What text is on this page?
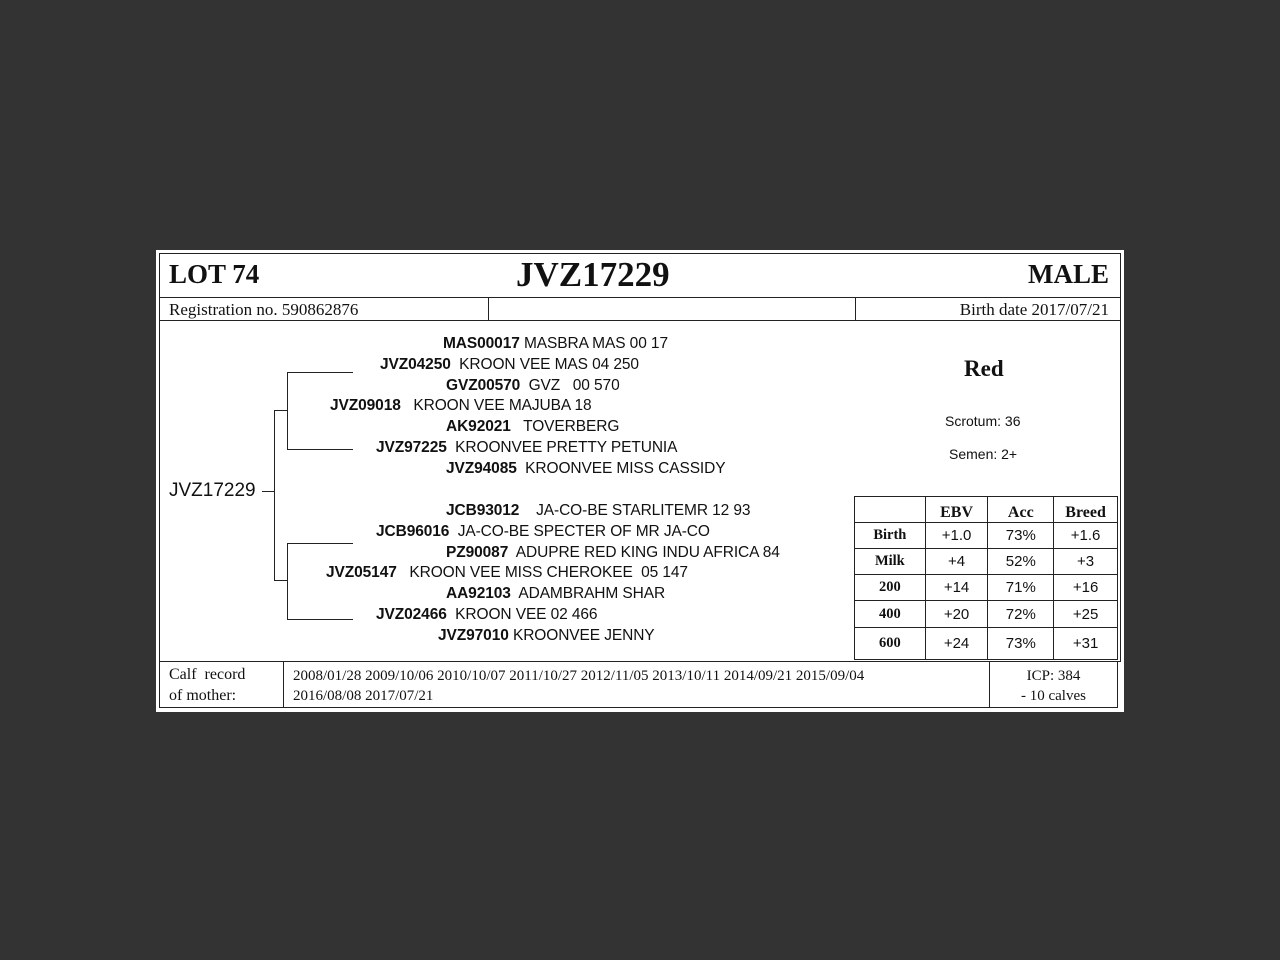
LOT 74	JVZ17229	MALE
Registration no. 590862876	Birth date 2017/07/21
JVZ17229
MAS00017 MASBRA MAS 00 17
JVZ04250 KROON VEE MAS 04 250
GVZ00570 GVZ   00 570
JVZ09018 KROON VEE MAJUBA 18
AK92021 TOVERBERG
JVZ97225 KROONVEE PRETTY PETUNIA
JVZ94085 KROONVEE MISS CASSIDY
JCB93012 JA-CO-BE STARLITEMR 12 93
JCB96016 JA-CO-BE SPECTER OF MR JA-CO
PZ90087 ADUPRE RED KING INDU AFRICA 84
JVZ05147 KROON VEE MISS CHEROKEE  05 147
AA92103 ADAMBRAHM SHAR
JVZ02466 KROON VEE 02 466
JVZ97010 KROONVEE JENNY
Red
Scrotum: 36
Semen: 2+
	EBV	Acc	Breed
Birth	+1.0	73%	+1.6
Milk	+4	52%	+3
200	+14	71%	+16
400	+20	72%	+25
600	+24	73%	+31
Calf  record
of mother:
2008/01/28 2009/10/06 2010/10/07 2011/10/27 2012/11/05 2013/10/11 2014/09/21 2015/09/04
2016/08/08 2017/07/21
ICP: 384
- 10 calves
